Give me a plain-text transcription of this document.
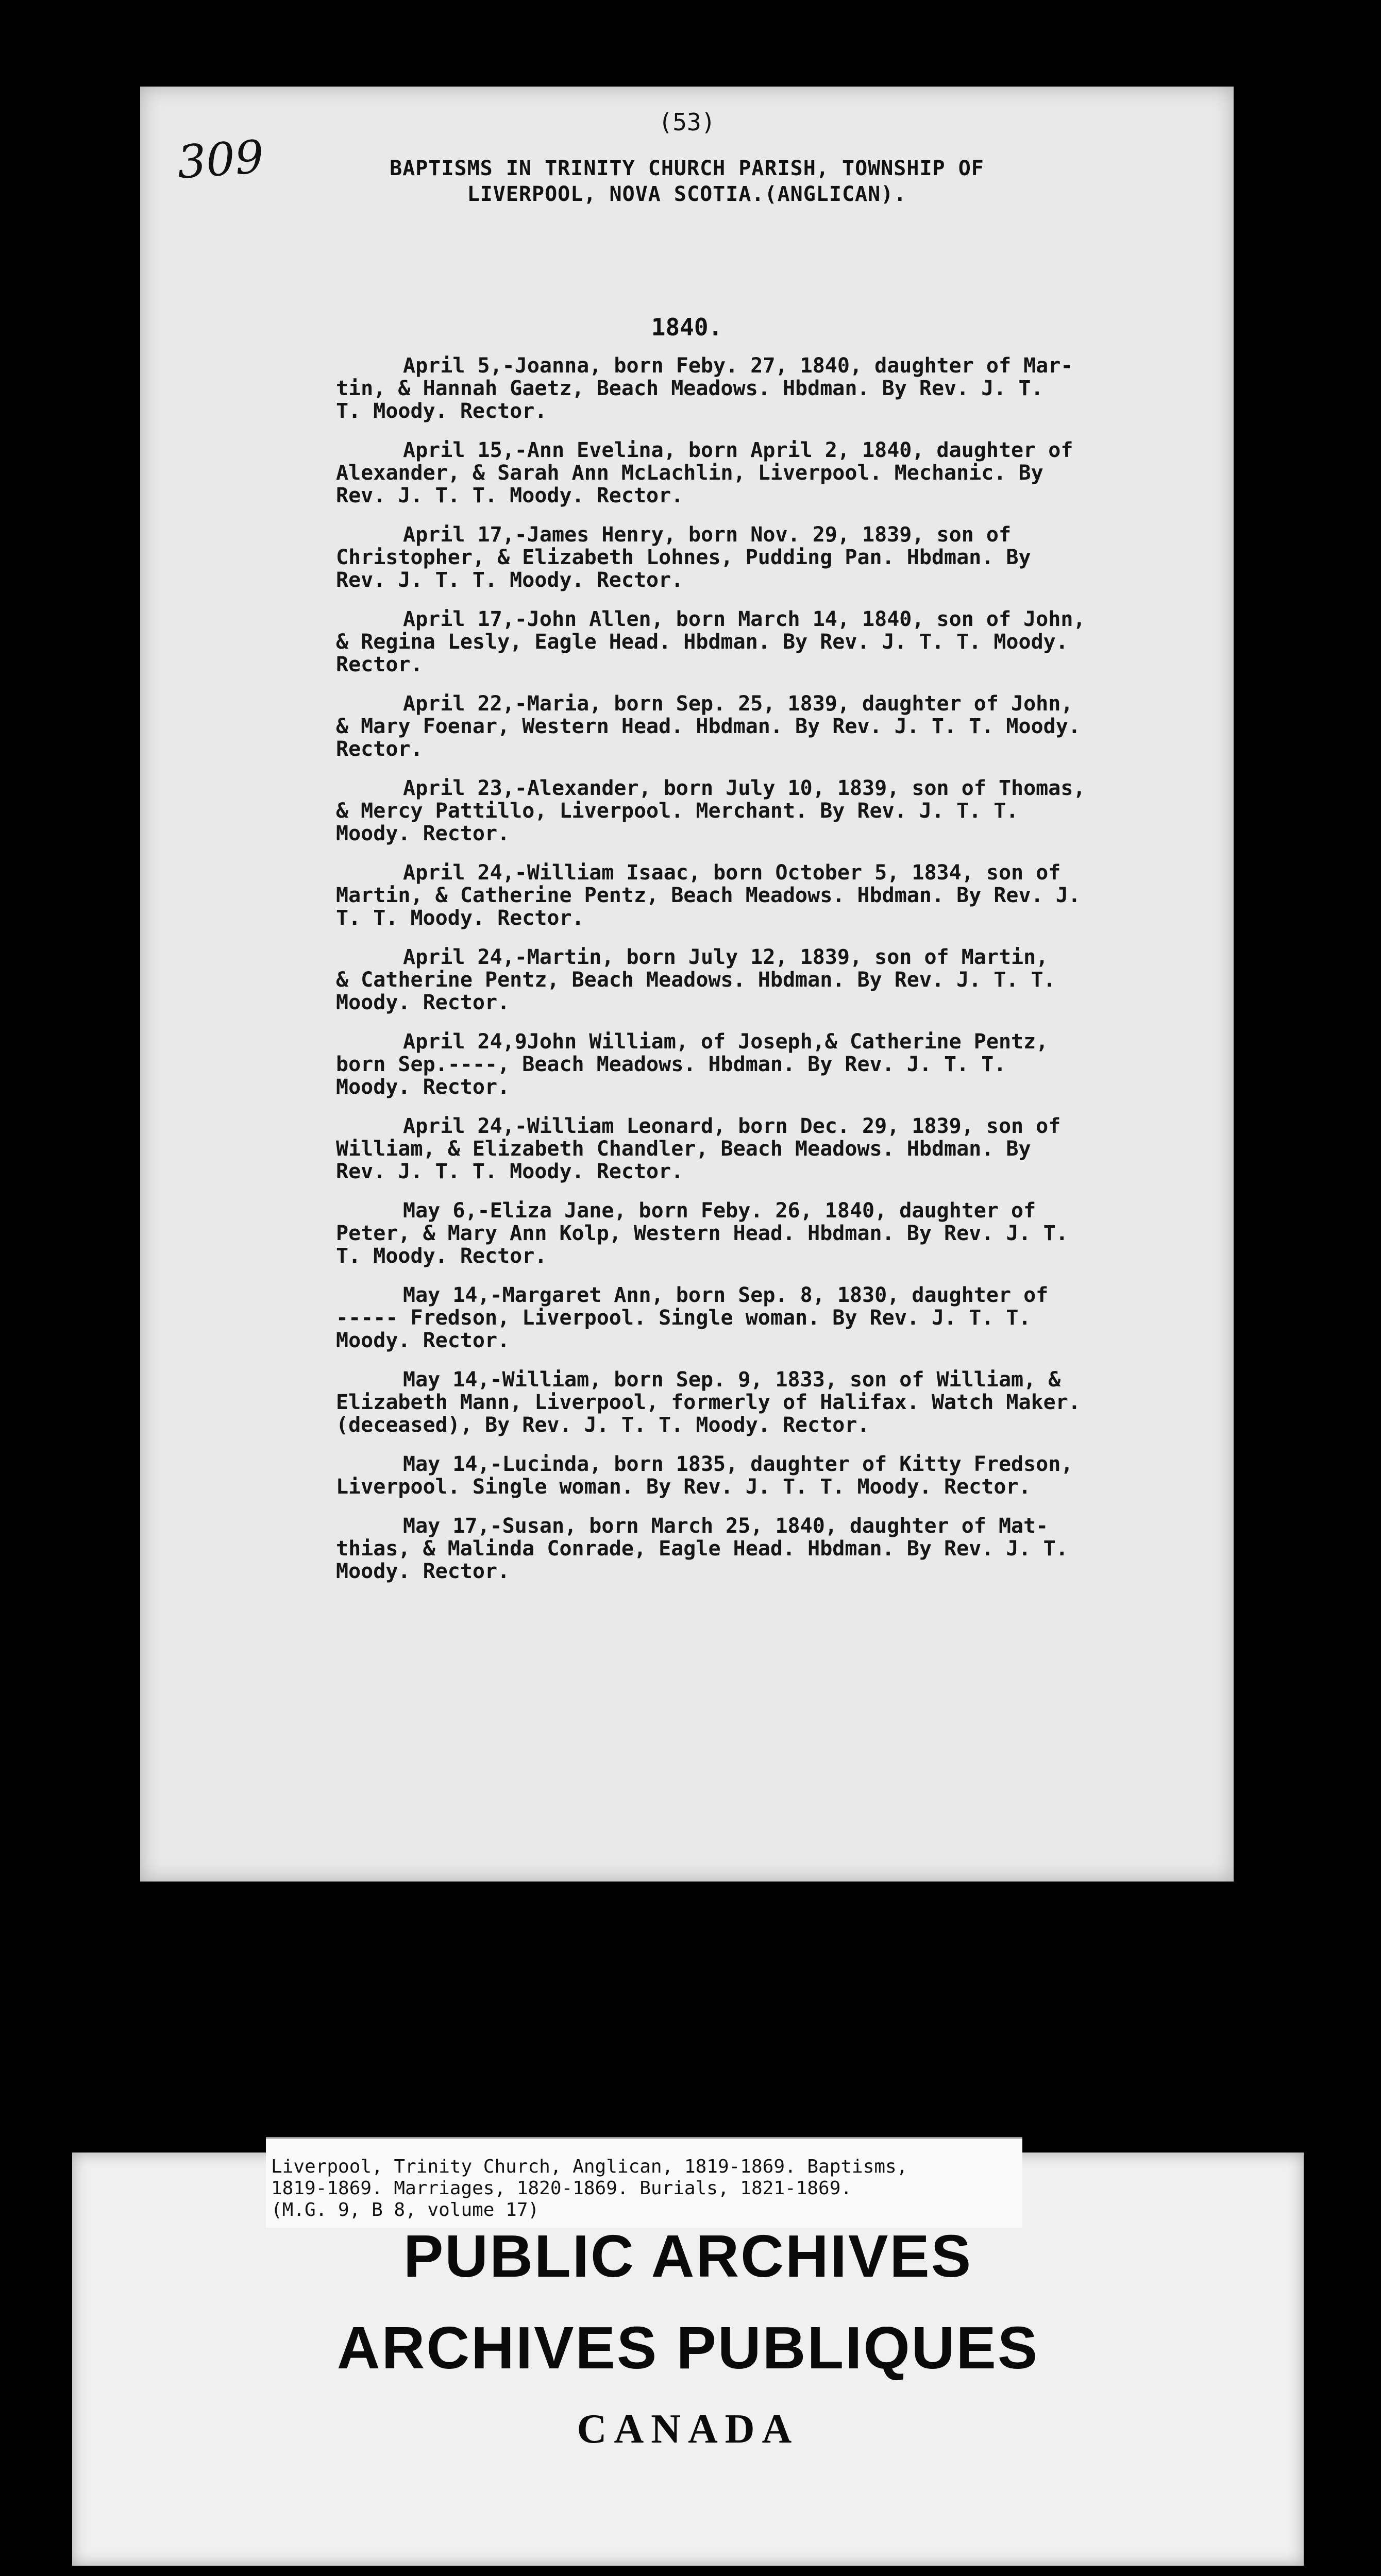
309
(53)
BAPTISMS IN TRINITY CHURCH PARISH, TOWNSHIP OF
LIVERPOOL, NOVA SCOTIA.(ANGLICAN).
1840.

April 5,-Joanna, born Feby. 27, 1840, daughter of Mar-
tin, & Hannah Gaetz, Beach Meadows. Hbdman. By Rev. J. T.
T. Moody. Rector.

April 15,-Ann Evelina, born April 2, 1840, daughter of
Alexander, & Sarah Ann McLachlin, Liverpool. Mechanic. By
Rev. J. T. T. Moody. Rector.

April 17,-James Henry, born Nov. 29, 1839, son of
Christopher, & Elizabeth Lohnes, Pudding Pan. Hbdman. By
Rev. J. T. T. Moody. Rector.

April 17,-John Allen, born March 14, 1840, son of John,
& Regina Lesly, Eagle Head. Hbdman. By Rev. J. T. T. Moody.
Rector.

April 22,-Maria, born Sep. 25, 1839, daughter of John,
& Mary Foenar, Western Head. Hbdman. By Rev. J. T. T. Moody.
Rector.

April 23,-Alexander, born July 10, 1839, son of Thomas,
& Mercy Pattillo, Liverpool. Merchant. By Rev. J. T. T.
Moody. Rector.

April 24,-William Isaac, born October 5, 1834, son of
Martin, & Catherine Pentz, Beach Meadows. Hbdman. By Rev. J.
T. T. Moody. Rector.

April 24,-Martin, born July 12, 1839, son of Martin,
& Catherine Pentz, Beach Meadows. Hbdman. By Rev. J. T. T.
Moody. Rector.

April 24,9John William, of Joseph,& Catherine Pentz,
born Sep.----, Beach Meadows. Hbdman. By Rev. J. T. T.
Moody. Rector.

April 24,-William Leonard, born Dec. 29, 1839, son of
William, & Elizabeth Chandler, Beach Meadows. Hbdman. By
Rev. J. T. T. Moody. Rector.

May 6,-Eliza Jane, born Feby. 26, 1840, daughter of
Peter, & Mary Ann Kolp, Western Head. Hbdman. By Rev. J. T.
T. Moody. Rector.

May 14,-Margaret Ann, born Sep. 8, 1830, daughter of
----- Fredson, Liverpool. Single woman. By Rev. J. T. T.
Moody. Rector.

May 14,-William, born Sep. 9, 1833, son of William, &
Elizabeth Mann, Liverpool, formerly of Halifax. Watch Maker.
(deceased), By Rev. J. T. T. Moody. Rector.

May 14,-Lucinda, born 1835, daughter of Kitty Fredson,
Liverpool. Single woman. By Rev. J. T. T. Moody. Rector.

May 17,-Susan, born March 25, 1840, daughter of Mat-
thias, & Malinda Conrade, Eagle Head. Hbdman. By Rev. J. T.
Moody. Rector.

Liverpool, Trinity Church, Anglican, 1819-1869. Baptisms,
1819-1869. Marriages, 1820-1869. Burials, 1821-1869.
(M.G. 9, B 8, volume 17)
PUBLIC ARCHIVES
ARCHIVES PUBLIQUES
CANADA
